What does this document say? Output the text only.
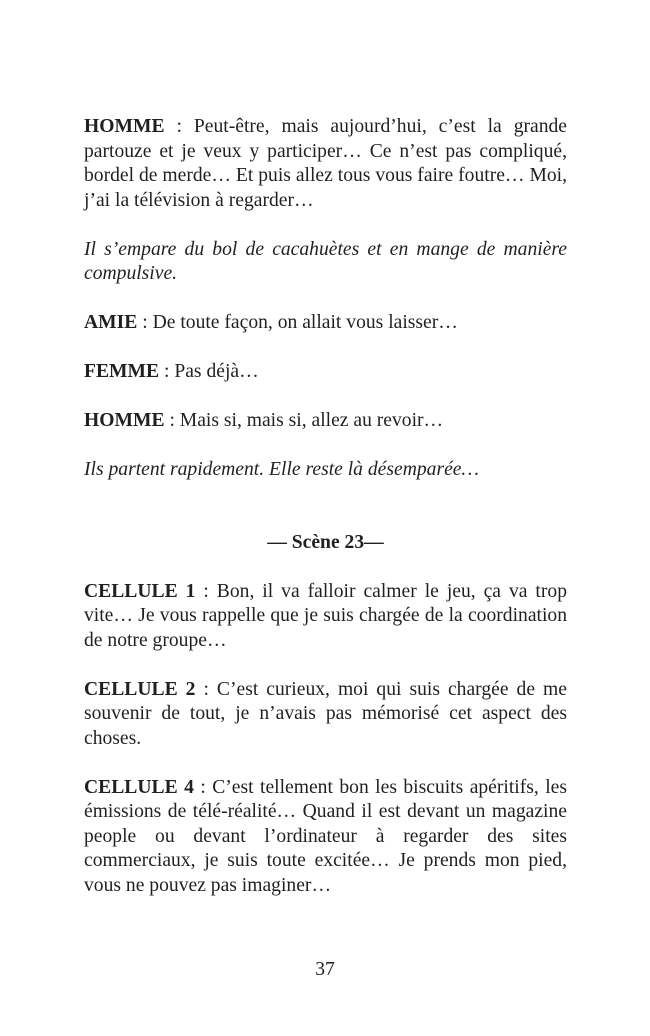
HOMME : Peut-être, mais aujourd’hui, c’est la grande partouze et je veux y participer… Ce n’est pas compliqué, bordel de merde… Et puis allez tous vous faire foutre… Moi, j’ai la télévision à regarder…

Il s’empare du bol de cacahuètes et en mange de manière compulsive.

AMIE : De toute façon, on allait vous laisser…

FEMME : Pas déjà…

HOMME : Mais si, mais si, allez au revoir…

Ils partent rapidement. Elle reste là désemparée…

— Scène 23—

CELLULE 1 : Bon, il va falloir calmer le jeu, ça va trop vite… Je vous rappelle que je suis chargée de la coordination de notre groupe…

CELLULE 2 : C’est curieux, moi qui suis chargée de me souvenir de tout, je n’avais pas mémorisé cet aspect des choses.

CELLULE 4 : C’est tellement bon les biscuits apéritifs, les émissions de télé-réalité… Quand il est devant un magazine people ou devant l’ordinateur à regarder des sites commerciaux, je suis toute excitée… Je prends mon pied, vous ne pouvez pas imaginer…

37
